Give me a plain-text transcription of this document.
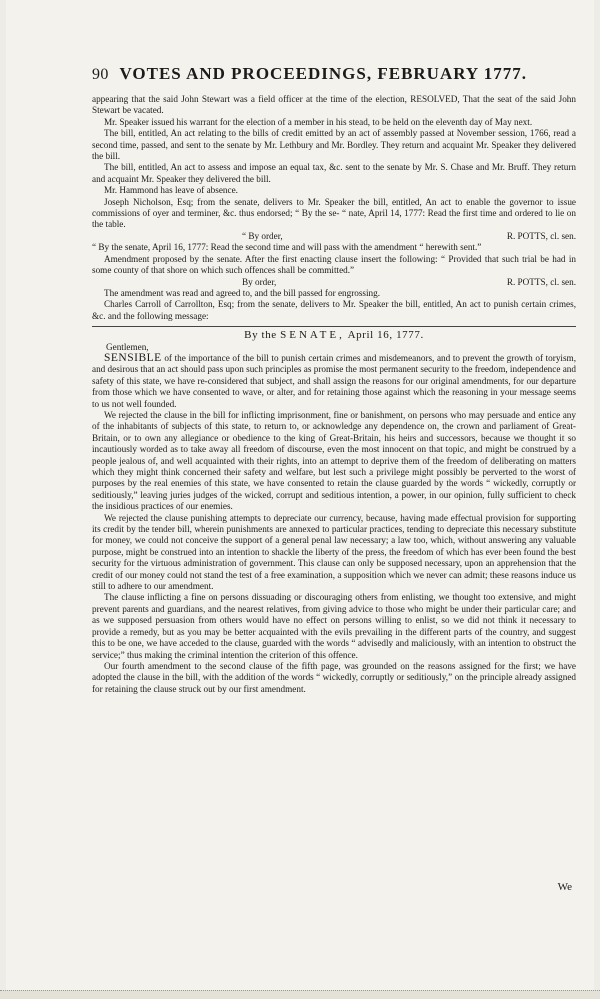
90 VOTES AND PROCEEDINGS, FEBRUARY 1777.

appearing that the said John Stewart was a field officer at the time of the election, RESOLVED, That the seat of the said John Stewart be vacated.

Mr. Speaker issued his warrant for the election of a member in his stead, to be held on the eleventh day of May next.

The bill, entitled, An act relating to the bills of credit emitted by an act of assembly passed at November session, 1766, read a second time, passed, and sent to the senate by Mr. Lethbury and Mr. Bordley. They return and acquaint Mr. Speaker they delivered the bill.

The bill, entitled, An act to assess and impose an equal tax, &c. sent to the senate by Mr. S. Chase and Mr. Bruff. They return and acquaint Mr. Speaker they delivered the bill.

Mr. Hammond has leave of absence.

Joseph Nicholson, Esq; from the senate, delivers to Mr. Speaker the bill, entitled, An act to enable the governor to issue commissions of oyer and terminer, &c. thus endorsed; “ By the se- “ nate, April 14, 1777: Read the first time and ordered to lie on the table.

“ By order,	R. POTTS, cl. sen.

“ By the senate, April 16, 1777: Read the second time and will pass with the amendment “ herewith sent.”

Amendment proposed by the senate. After the first enacting clause insert the following: “ Provided that such trial be had in some county of that shore on which such offences shall be committed.”

By order,	R. POTTS, cl. sen.

The amendment was read and agreed to, and the bill passed for engrossing.

Charles Carroll of Carrollton, Esq; from the senate, delivers to Mr. Speaker the bill, entitled, An act to punish certain crimes, &c. and the following message:

By the SENATE, April 16, 1777.

Gentlemen,

SENSIBLE of the importance of the bill to punish certain crimes and misdemeanors, and to prevent the growth of toryism, and desirous that an act should pass upon such principles as promise the most permanent security to the freedom, independence and safety of this state, we have re-considered that subject, and shall assign the reasons for our original amendments, for our departure from those which we have consented to wave, or alter, and for retaining those against which the reasoning in your message seems to us not well founded.

We rejected the clause in the bill for inflicting imprisonment, fine or banishment, on persons who may persuade and entice any of the inhabitants of subjects of this state, to return to, or acknowledge any dependence on, the crown and parliament of Great-Britain, or to own any allegiance or obedience to the king of Great-Britain, his heirs and successors, because we thought it so incautiously worded as to take away all freedom of discourse, even the most innocent on that topic, and might be construed by a people jealous of, and well acquainted with their rights, into an attempt to deprive them of the freedom of deliberating on matters which they might think concerned their safety and welfare, but lest such a privilege might possibly be perverted to the worst of purposes by the real enemies of this state, we have consented to retain the clause guarded by the words “ wickedly, corruptly or seditiously,” leaving juries judges of the wicked, corrupt and seditious intention, a power, in our opinion, fully sufficient to check the insidious practices of our enemies.

We rejected the clause punishing attempts to depreciate our currency, because, having made effectual provision for supporting its credit by the tender bill, wherein punishments are annexed to particular practices, tending to depreciate this necessary substitute for money, we could not conceive the support of a general penal law necessary; a law too, which, without answering any valuable purpose, might be construed into an intention to shackle the liberty of the press, the freedom of which has ever been found the best security for the virtuous administration of government. This clause can only be supposed necessary, upon an apprehension that the credit of our money could not stand the test of a free examination, a supposition which we never can admit; these reasons induce us still to adhere to our amendment.

The clause inflicting a fine on persons dissuading or discouraging others from enlisting, we thought too extensive, and might prevent parents and guardians, and the nearest relatives, from giving advice to those who might be under their particular care; and as we supposed persuasion from others would have no effect on persons willing to enlist, so we did not think it necessary to provide a remedy, but as you may be better acquainted with the evils prevailing in the different parts of the country, and suggest this to be one, we have acceded to the clause, guarded with the words “ advisedly and maliciously, with an intention to obstruct the service;” thus making the criminal intention the criterion of this offence.

Our fourth amendment to the second clause of the fifth page, was grounded on the reasons assigned for the first; we have adopted the clause in the bill, with the addition of the words “ wickedly, corruptly or seditiously,” on the principle already assigned for retaining the clause struck out by our first amendment.

We
